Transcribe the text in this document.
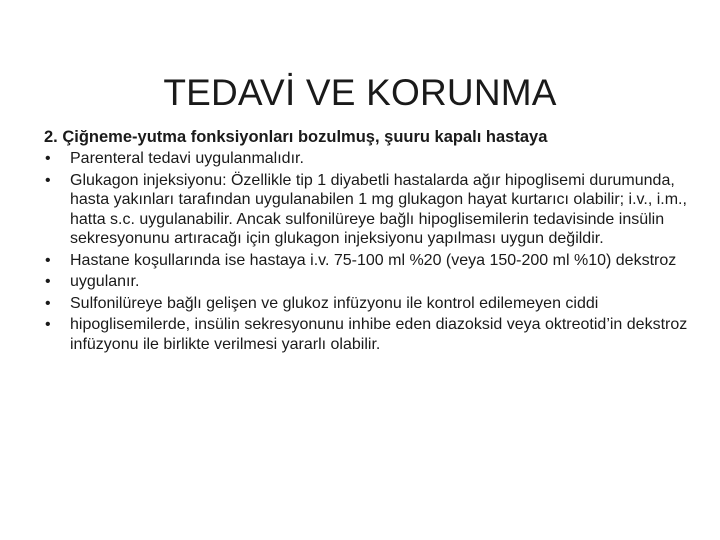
TEDAVİ VE KORUNMA
2. Çiğneme-yutma fonksiyonları bozulmuş, şuuru kapalı hastaya
•	Parenteral tedavi uygulanmalıdır.
•	Glukagon injeksiyonu: Özellikle tip 1 diyabetli hastalarda ağır hipoglisemi durumunda, hasta yakınları tarafından uygulanabilen 1 mg glukagon hayat kurtarıcı olabilir; i.v., i.m., hatta s.c. uygulanabilir. Ancak sulfonilüreye bağlı hipoglisemilerin tedavisinde insülin sekresyonunu artıracağı için glukagon injeksiyonu yapılması uygun değildir.
•	Hastane koşullarında ise hastaya i.v. 75-100 ml %20 (veya 150-200 ml %10) dekstroz
•	uygulanır.
•	Sulfonilüreye bağlı gelişen ve glukoz infüzyonu ile kontrol edilemeyen ciddi
•	hipoglisemilerde, insülin sekresyonunu inhibe eden diazoksid veya oktreotid’in dekstroz infüzyonu ile birlikte verilmesi yararlı olabilir.
